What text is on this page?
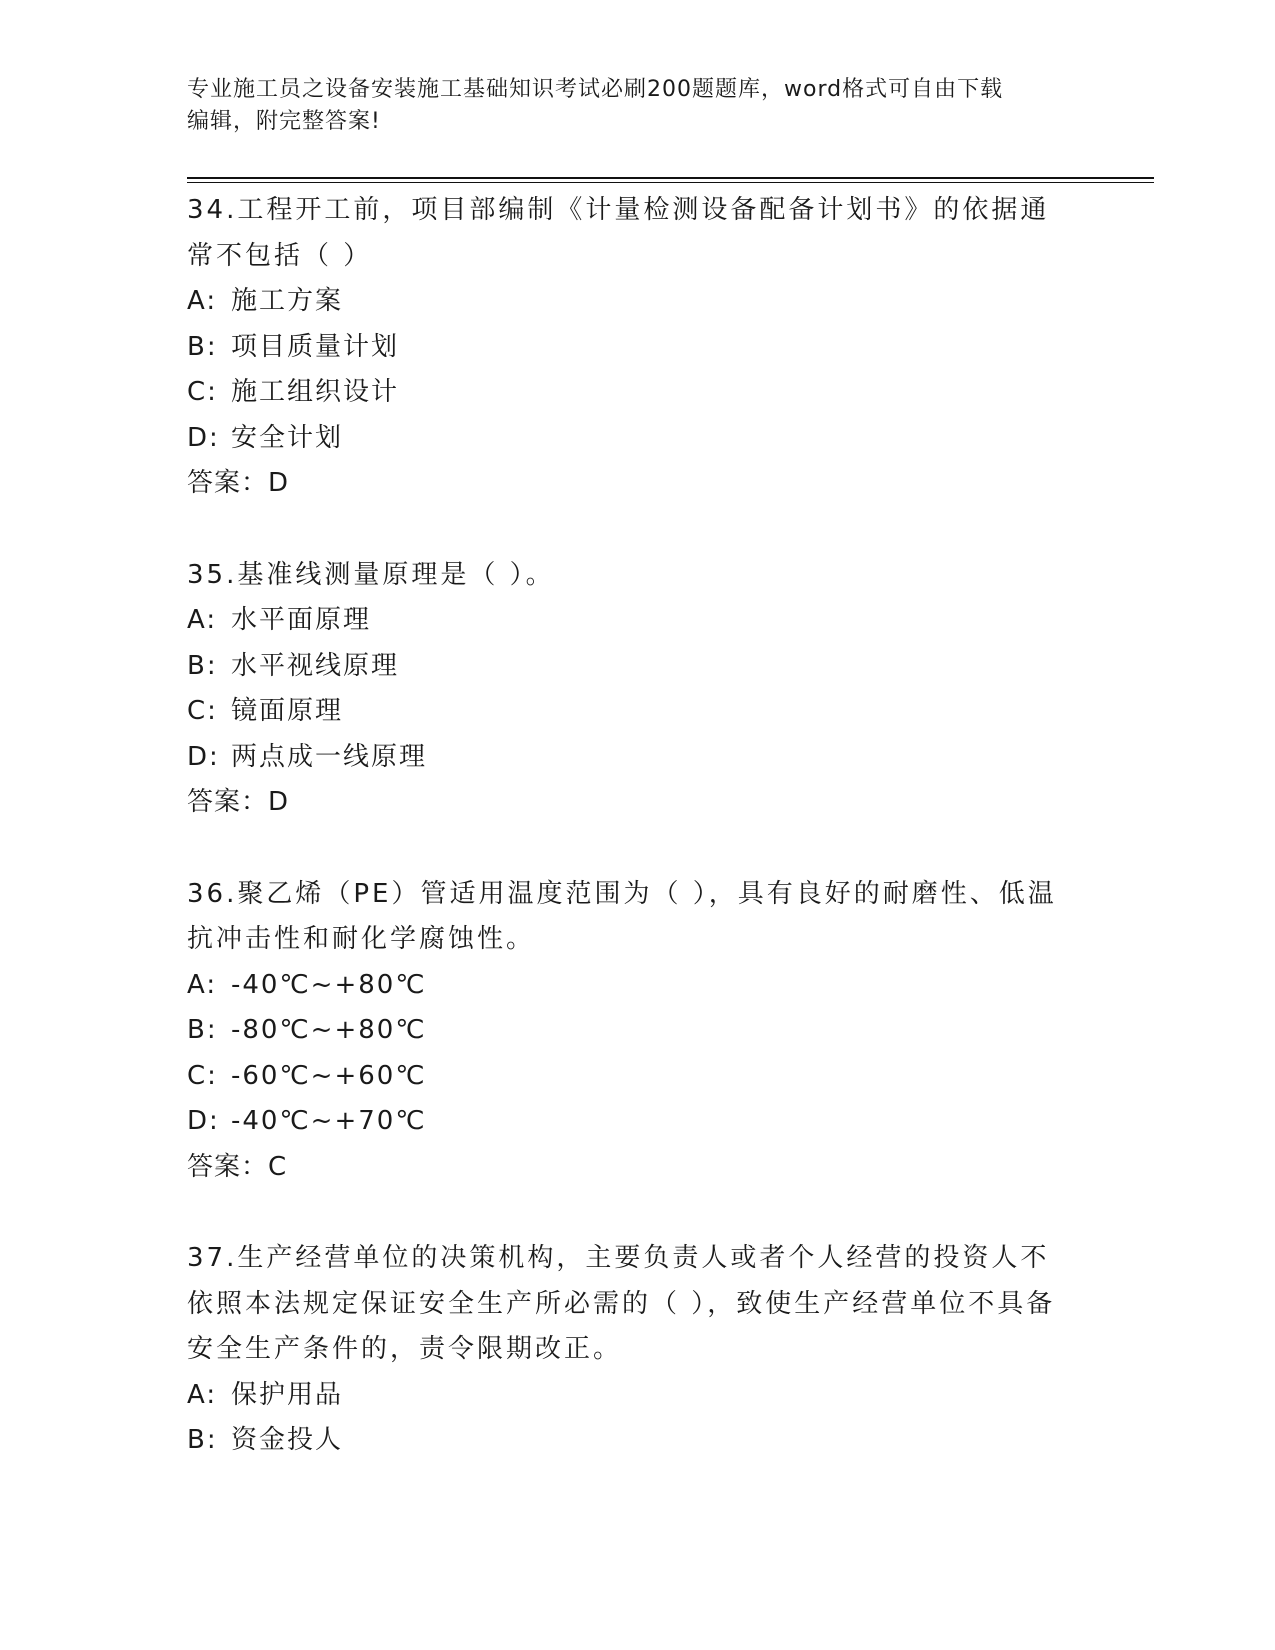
专业施工员之设备安装施工基础知识考试必刷200题题库，word格式可自由下载
编辑，附完整答案!
34.工程开工前，项目部编制《计量检测设备配备计划书》的依据通常不包括（ ）
A: 施工方案
B: 项目质量计划
C: 施工组织设计
D: 安全计划
答案：D
35.基准线测量原理是（ ）。
A: 水平面原理
B: 水平视线原理
C: 镜面原理
D: 两点成一线原理
答案：D
36.聚乙烯（PE）管适用温度范围为（ ），具有良好的耐磨性、低温抗冲击性和耐化学腐蚀性。
A: -40℃~+80℃
B: -80℃~+80℃
C: -60℃~+60℃
D: -40℃~+70℃
答案：C
37.生产经营单位的决策机构，主要负责人或者个人经营的投资人不依照本法规定保证安全生产所必需的（ ），致使生产经营单位不具备安全生产条件的，责令限期改正。
A: 保护用品
B: 资金投人
